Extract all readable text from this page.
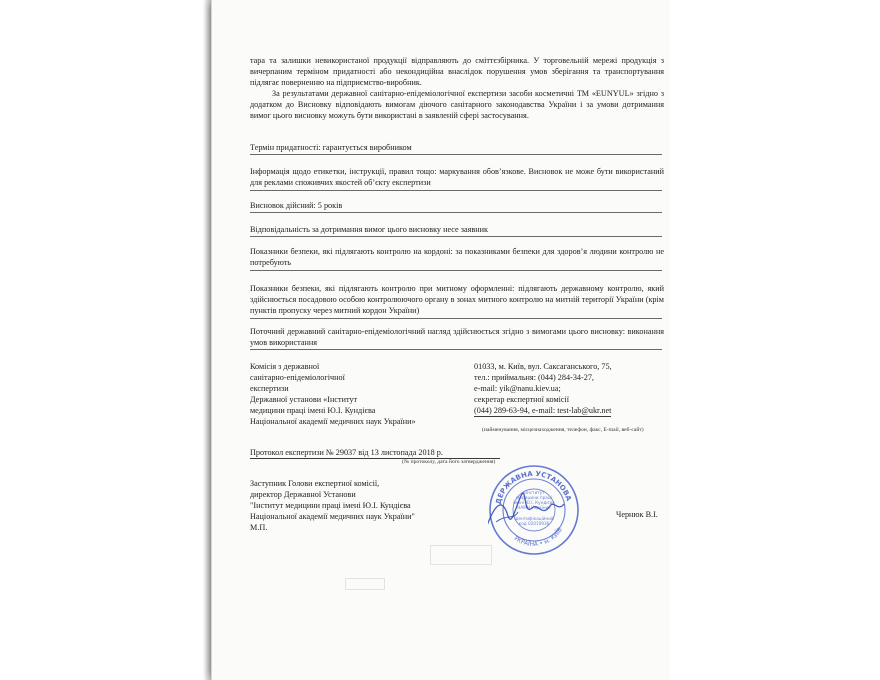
тара та залишки невикористаної продукції відправляють до сміттєзбірника. У торговельній мережі продукція з вичерпаним терміном придатності або некондиційна внаслідок порушення умов зберігання та транспортування підлягає поверненню на підприємство-виробник.
За результатами державної санітарно-епідеміологічної експертизи засоби косметичні ТМ «EUNYUL» згідно з додатком до Висновку відповідають вимогам діючого санітарного законодавства України і за умови дотримання вимог цього висновку можуть бути використані в заявленій сфері застосування.
Термін придатності: гарантується виробником
Інформація щодо етикетки, інструкції, правил тощо: маркування обов’язкове. Висновок не може бути використаний для реклами споживчих якостей об’єкту експертизи
Висновок дійсний: 5 років
Відповідальність за дотримання вимог цього висновку несе заявник
Показники безпеки, які підлягають контролю на кордоні: за показниками безпеки для здоров’я людини контролю не потребують
Показники безпеки, які підлягають контролю при митному оформленні: підлягають державному контролю, який здійснюється посадовою особою контролюючого органу в зонах митного контролю на митній території України (крім пунктів пропуску через митний кордон України)
Поточний державний санітарно-епідеміологічний нагляд здійснюється згідно з вимогами цього висновку: виконання умов використання
Комісія з державної
санітарно-епідеміологічної
експертизи
Державної установи «Інститут
медицини праці імені Ю.І. Кундієва
Національної академії медичних наук України»
01033, м. Київ, вул. Саксаганського, 75,
тел.: приймальня: (044) 284-34-27,
e-mail: yik@nanu.kiev.ua;
секретар експертної комісії
(044) 289-63-94, e-mail: test-lab@ukr.net
(найменування, місцезнаходження, телефон, факс, E-mail, веб-сайт)
Протокол експертизи № 29037 від 13 листопада 2018 р.
(№ протоколу, дата його затвердження)
Заступник Голови експертної комісії,
директор Державної Установи
"Інститут медицини праці імені Ю.І. Кундієва
Національної академії медичних наук України"
М.П.
Чернюк В.І.
ДЕРЖАВНА УСТАНОВА
УКРАЇНА • м. КИЇВ
«Інститут
медицини праці
імені Ю.І. Кундієва
НАМН України»
Ідентифікаційний
код 02010936
